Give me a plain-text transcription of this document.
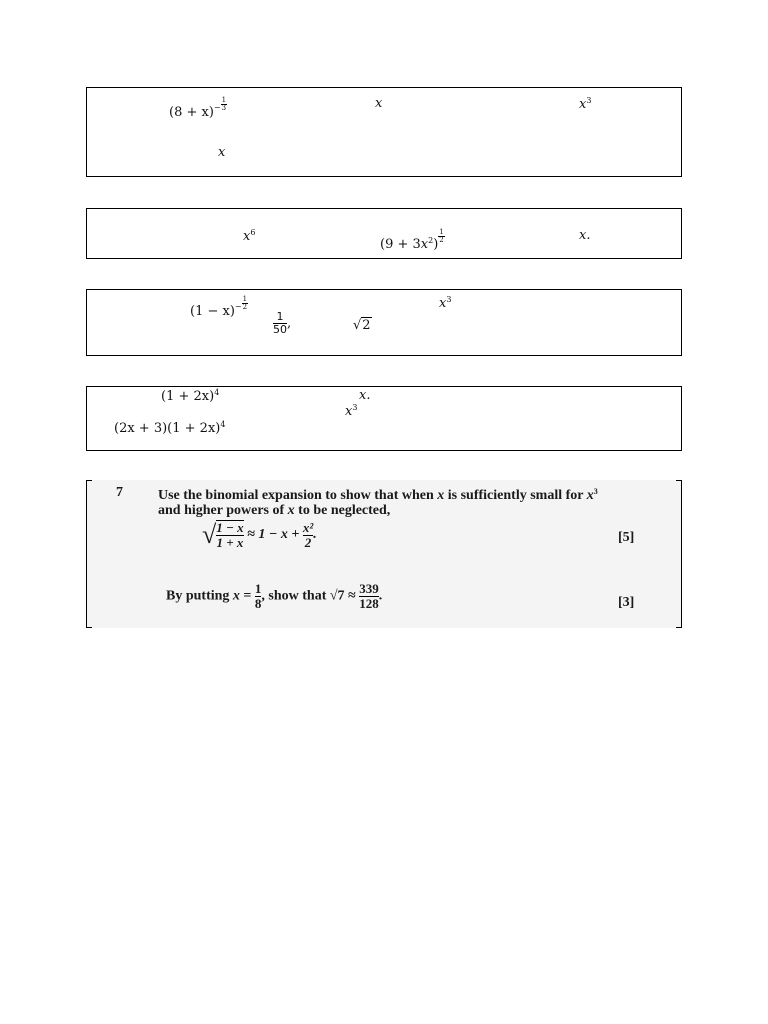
$(8 + x)^- \frac{1}{3}$	x	$x^3$
x
$x^6$
$(9 + 3x^2)$
$\frac{1}{2}$	x.
$(1 - x)^- \frac{1}{2}$	$x^3$
$\frac{1}{50}$ ,	√2
$(1 + 2x)^4$	x.
$x^3$
$(2x + 3)(1 + 2x)^4$
7	Use the binomial expansion to show that when x is sufficiently small for $x^3$
and higher powers of x to be neglected,
√ $\frac{1 - x}{1 + x} \approx 1 - x + \frac{\text{x²}}{2}$ .	[5]
By putting $x = \frac{1}{8}$ , show that $√7 \approx \frac{339}{128}$ .	[3]
